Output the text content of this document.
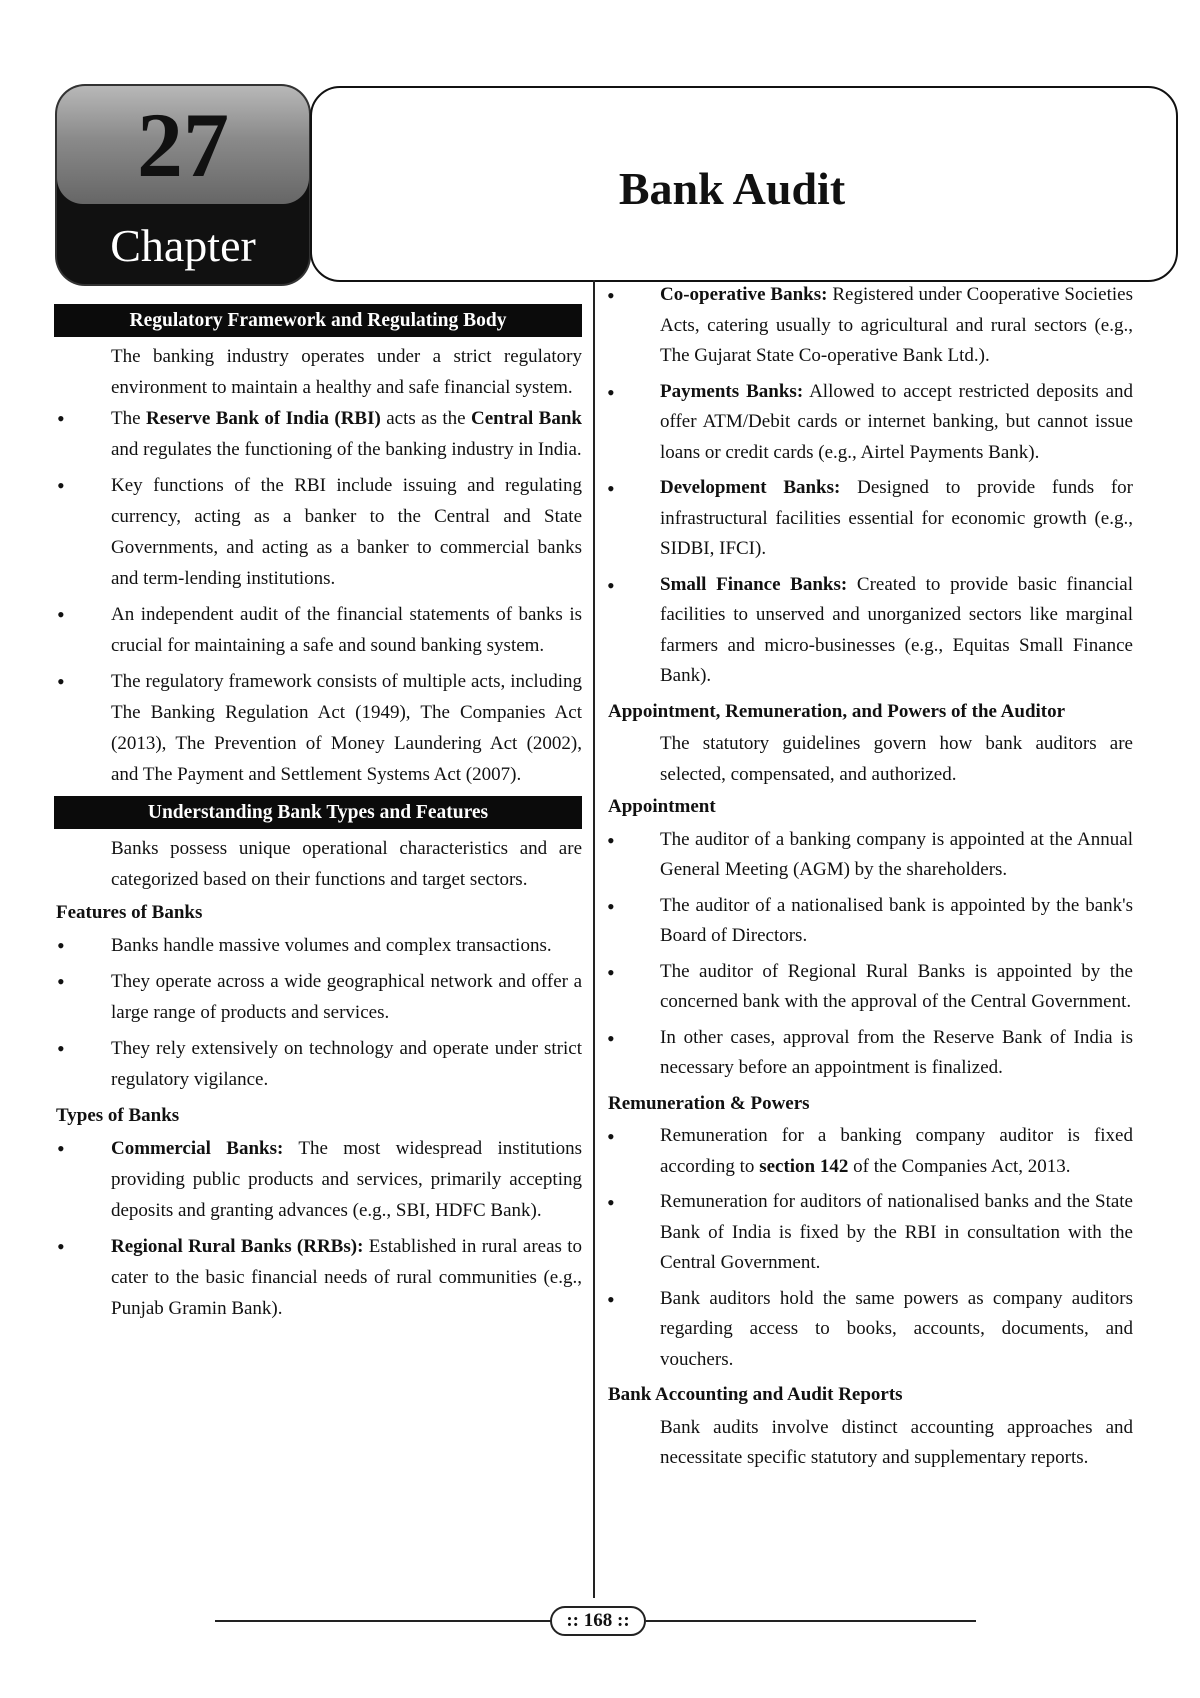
27
Chapter
Bank Audit
Regulatory Framework and Regulating Body

The banking industry operates under a strict regulatory environment to maintain a healthy and safe financial system.

• The Reserve Bank of India (RBI) acts as the Central Bank and regulates the functioning of the banking industry in India.
• Key functions of the RBI include issuing and regulating currency, acting as a banker to the Central and State Governments, and acting as a banker to commercial banks and term-lending institutions.
• An independent audit of the financial statements of banks is crucial for maintaining a safe and sound banking system.
• The regulatory framework consists of multiple acts, including The Banking Regulation Act (1949), The Companies Act (2013), The Prevention of Money Laundering Act (2002), and The Payment and Settlement Systems Act (2007).
Understanding Bank Types and Features

Banks possess unique operational characteristics and are categorized based on their functions and target sectors.

Features of Banks
• Banks handle massive volumes and complex transactions.
• They operate across a wide geographical network and offer a large range of products and services.
• They rely extensively on technology and operate under strict regulatory vigilance.
Types of Banks
• Commercial Banks: The most widespread institutions providing public products and services, primarily accepting deposits and granting advances (e.g., SBI, HDFC Bank).
• Regional Rural Banks (RRBs): Established in rural areas to cater to the basic financial needs of rural communities (e.g., Punjab Gramin Bank).
• Co-operative Banks: Registered under Cooperative Societies Acts, catering usually to agricultural and rural sectors (e.g., The Gujarat State Co-operative Bank Ltd.).
• Payments Banks: Allowed to accept restricted deposits and offer ATM/Debit cards or internet banking, but cannot issue loans or credit cards (e.g., Airtel Payments Bank).
• Development Banks: Designed to provide funds for infrastructural facilities essential for economic growth (e.g., SIDBI, IFCI).
• Small Finance Banks: Created to provide basic financial facilities to unserved and unorganized sectors like marginal farmers and micro-businesses (e.g., Equitas Small Finance Bank).
Appointment, Remuneration, and Powers of the Auditor

The statutory guidelines govern how bank auditors are selected, compensated, and authorized.

Appointment
• The auditor of a banking company is appointed at the Annual General Meeting (AGM) by the shareholders.
• The auditor of a nationalised bank is appointed by the bank's Board of Directors.
• The auditor of Regional Rural Banks is appointed by the concerned bank with the approval of the Central Government.
• In other cases, approval from the Reserve Bank of India is necessary before an appointment is finalized.
Remuneration & Powers
• Remuneration for a banking company auditor is fixed according to section 142 of the Companies Act, 2013.
• Remuneration for auditors of nationalised banks and the State Bank of India is fixed by the RBI in consultation with the Central Government.
• Bank auditors hold the same powers as company auditors regarding access to books, accounts, documents, and vouchers.
Bank Accounting and Audit Reports

Bank audits involve distinct accounting approaches and necessitate specific statutory and supplementary reports.

:: 168 ::
